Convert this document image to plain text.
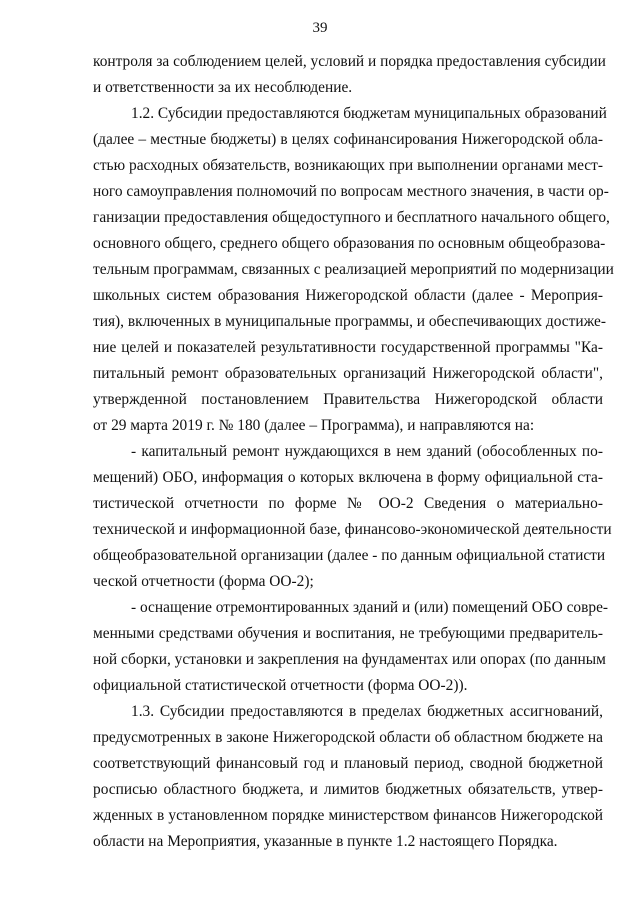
39
контроля за соблюдением целей, условий и порядка предоставления субсидии
и ответственности за их несоблюдение.
1.2. Субсидии предоставляются бюджетам муниципальных образований
(далее – местные бюджеты) в целях софинансирования Нижегородской обла-
стью расходных обязательств, возникающих при выполнении органами мест-
ного самоуправления полномочий по вопросам местного значения, в части ор-
ганизации предоставления общедоступного и бесплатного начального общего,
основного общего, среднего общего образования по основным общеобразова-
тельным программам, связанных с реализацией мероприятий по модернизации
школьных систем образования Нижегородской области (далее - Мероприя-
тия), включенных в муниципальные программы, и обеспечивающих достиже-
ние целей и показателей результативности государственной программы "Ка-
питальный ремонт образовательных организаций Нижегородской области",
утвержденной постановлением Правительства Нижегородской области
от 29 марта 2019 г. № 180 (далее – Программа), и направляются на:
- капитальный ремонт нуждающихся в нем зданий (обособленных по-
мещений) ОБО, информация о которых включена в форму официальной ста-
тистической отчетности по форме № ОО-2 Сведения о материально-
технической и информационной базе, финансово-экономической деятельности
общеобразовательной организации (далее - по данным официальной статисти
ческой отчетности (форма ОО-2);
- оснащение отремонтированных зданий и (или) помещений ОБО совре-
менными средствами обучения и воспитания, не требующими предваритель-
ной сборки, установки и закрепления на фундаментах или опорах (по данным
официальной статистической отчетности (форма ОО-2)).
1.3. Субсидии предоставляются в пределах бюджетных ассигнований,
предусмотренных в законе Нижегородской области об областном бюджете на
соответствующий финансовый год и плановый период, сводной бюджетной
росписью областного бюджета, и лимитов бюджетных обязательств, утвер-
жденных в установленном порядке министерством финансов Нижегородской
области на Мероприятия, указанные в пункте 1.2 настоящего Порядка.
